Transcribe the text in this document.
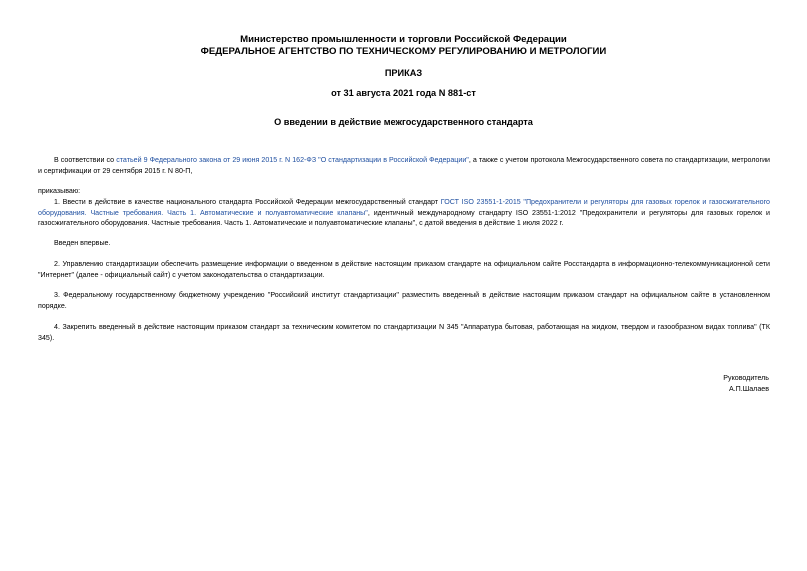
Министерство промышленности и торговли Российской Федерации
ФЕДЕРАЛЬНОЕ АГЕНТСТВО ПО ТЕХНИЧЕСКОМУ РЕГУЛИРОВАНИЮ И МЕТРОЛОГИИ
ПРИКАЗ
от 31 августа 2021 года N 881-ст
О введении в действие межгосударственного стандарта
В соответствии со статьей 9 Федерального закона от 29 июня 2015 г. N 162-ФЗ "О стандартизации в Российской Федерации", а также с учетом протокола Межгосударственного совета по стандартизации, метрологии и сертификации от 29 сентября 2015 г. N 80-П,
приказываю:
1. Ввести в действие в качестве национального стандарта Российской Федерации межгосударственный стандарт ГОСТ ISO 23551-1-2015 "Предохранители и регуляторы для газовых горелок и газосжигательного оборудования. Частные требования. Часть 1. Автоматические и полуавтоматические клапаны", идентичный международному стандарту ISO 23551-1:2012 "Предохранители и регуляторы для газовых горелок и газосжигательного оборудования. Частные требования. Часть 1. Автоматические и полуавтоматические клапаны", с датой введения в действие 1 июля 2022 г.
Введен впервые.
2. Управлению стандартизации обеспечить размещение информации о введенном в действие настоящим приказом стандарте на официальном сайте Росстандарта в информационно-телекоммуникационной сети "Интернет" (далее - официальный сайт) с учетом законодательства о стандартизации.
3. Федеральному государственному бюджетному учреждению "Российский институт стандартизации" разместить введенный в действие настоящим приказом стандарт на официальном сайте в установленном порядке.
4. Закрепить введенный в действие настоящим приказом стандарт за техническим комитетом по стандартизации N 345 "Аппаратура бытовая, работающая на жидком, твердом и газообразном видах топлива" (ТК 345).
Руководитель
А.П.Шалаев
